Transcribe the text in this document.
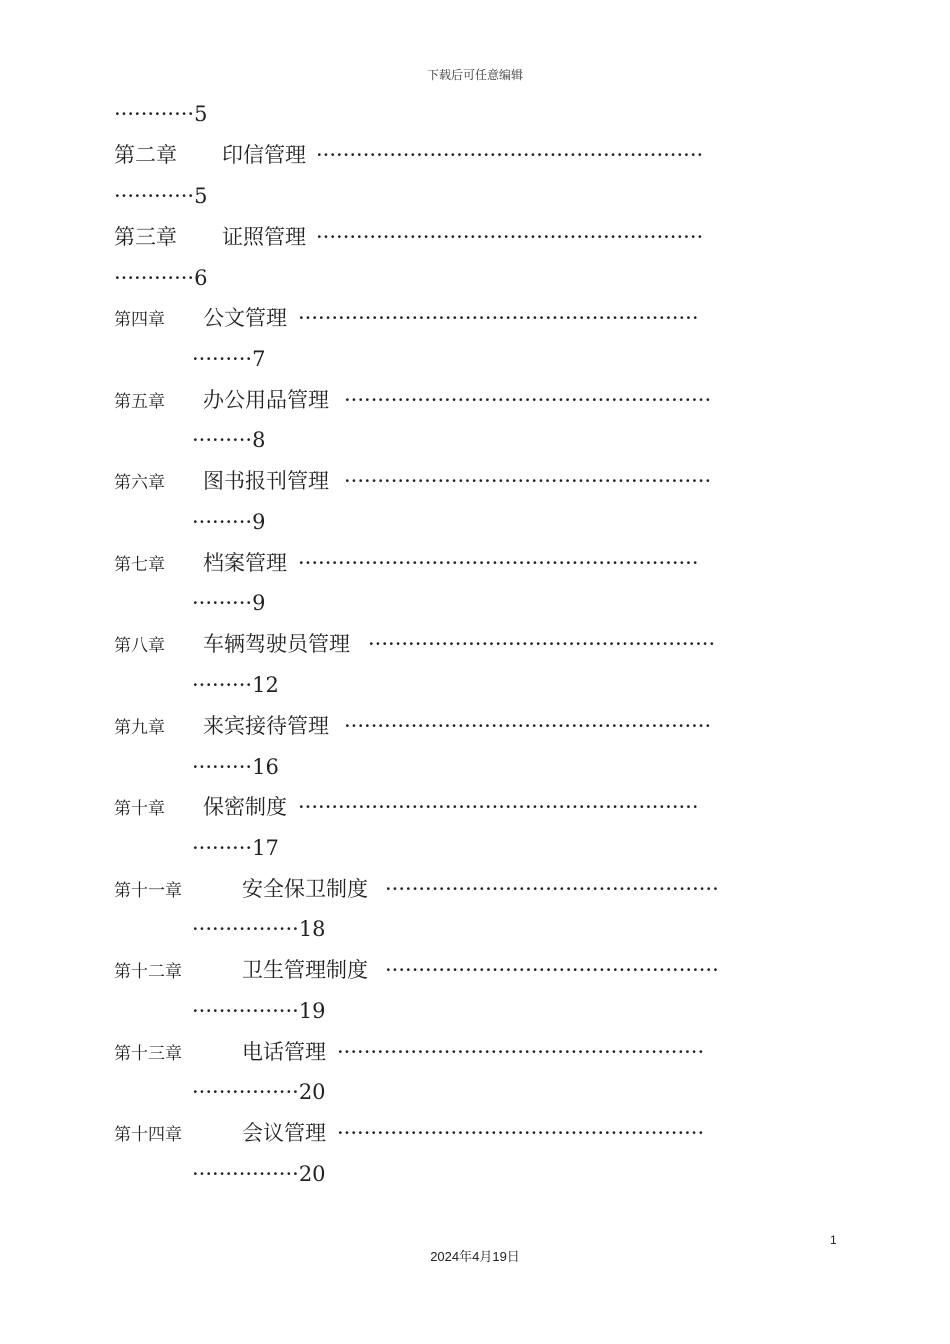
下载后可任意编辑
············5
第二章 印信管理 ··························································
············5
第三章 证照管理 ··························································
············6
第四章 公文管理 ····························································
·········7
第五章 办公用品管理 ·······················································
·········8
第六章 图书报刊管理 ·······················································
·········9
第七章 档案管理 ····························································
·········9
第八章 车辆驾驶员管理 ····················································
·········12
第九章 来宾接待管理 ·······················································
·········16
第十章 保密制度 ····························································
·········17
第十一章	安全保卫制度 ··················································
················18
第十二章	卫生管理制度 ··················································
················19
第十三章	电话管理 ·······················································
················20
第十四章	会议管理 ·······················································
················20
1
2024年4月19日
